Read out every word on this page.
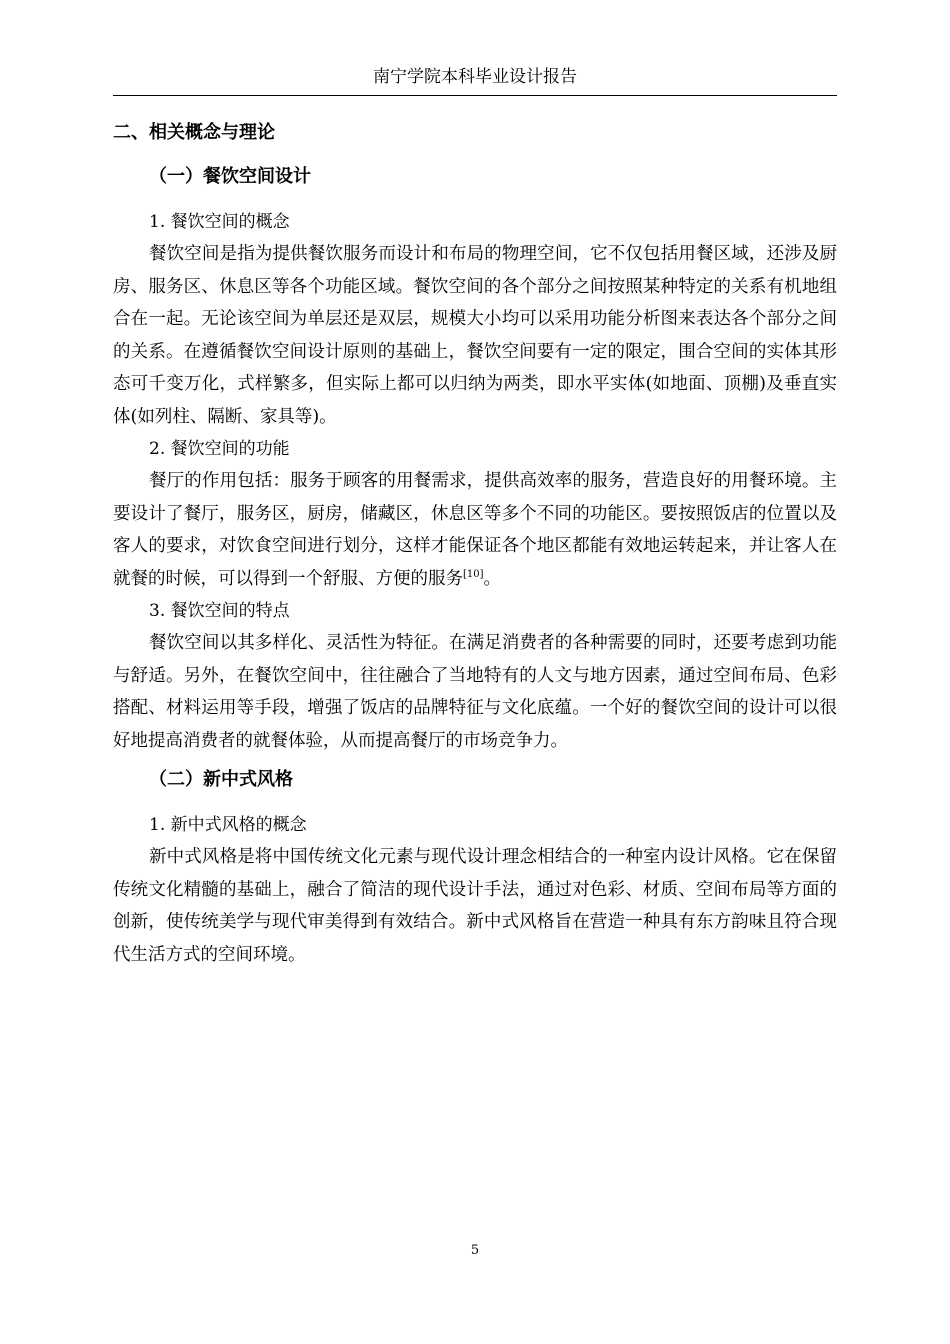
南宁学院本科毕业设计报告
二、相关概念与理论
（一）餐饮空间设计
1. 餐饮空间的概念

餐饮空间是指为提供餐饮服务而设计和布局的物理空间，它不仅包括用餐区域，还涉及厨房、服务区、休息区等各个功能区域。餐饮空间的各个部分之间按照某种特定的关系有机地组合在一起。无论该空间为单层还是双层，规模大小均可以采用功能分析图来表达各个部分之间的关系。在遵循餐饮空间设计原则的基础上，餐饮空间要有一定的限定，围合空间的实体其形态可千变万化，式样繁多，但实际上都可以归纳为两类，即水平实体(如地面、顶棚)及垂直实体(如列柱、隔断、家具等)。

2. 餐饮空间的功能

餐厅的作用包括：服务于顾客的用餐需求，提供高效率的服务，营造良好的用餐环境。主要设计了餐厅，服务区，厨房，储藏区，休息区等多个不同的功能区。要按照饭店的位置以及客人的要求，对饮食空间进行划分，这样才能保证各个地区都能有效地运转起来，并让客人在就餐的时候，可以得到一个舒服、方便的服务[10]。

3. 餐饮空间的特点

餐饮空间以其多样化、灵活性为特征。在满足消费者的各种需要的同时，还要考虑到功能与舒适。另外，在餐饮空间中，往往融合了当地特有的人文与地方因素，通过空间布局、色彩搭配、材料运用等手段，增强了饭店的品牌特征与文化底蕴。一个好的餐饮空间的设计可以很好地提高消费者的就餐体验，从而提高餐厅的市场竞争力。

（二）新中式风格
1. 新中式风格的概念

新中式风格是将中国传统文化元素与现代设计理念相结合的一种室内设计风格。它在保留传统文化精髓的基础上，融合了简洁的现代设计手法，通过对色彩、材质、空间布局等方面的创新，使传统美学与现代审美得到有效结合。新中式风格旨在营造一种具有东方韵味且符合现代生活方式的空间环境。

5
